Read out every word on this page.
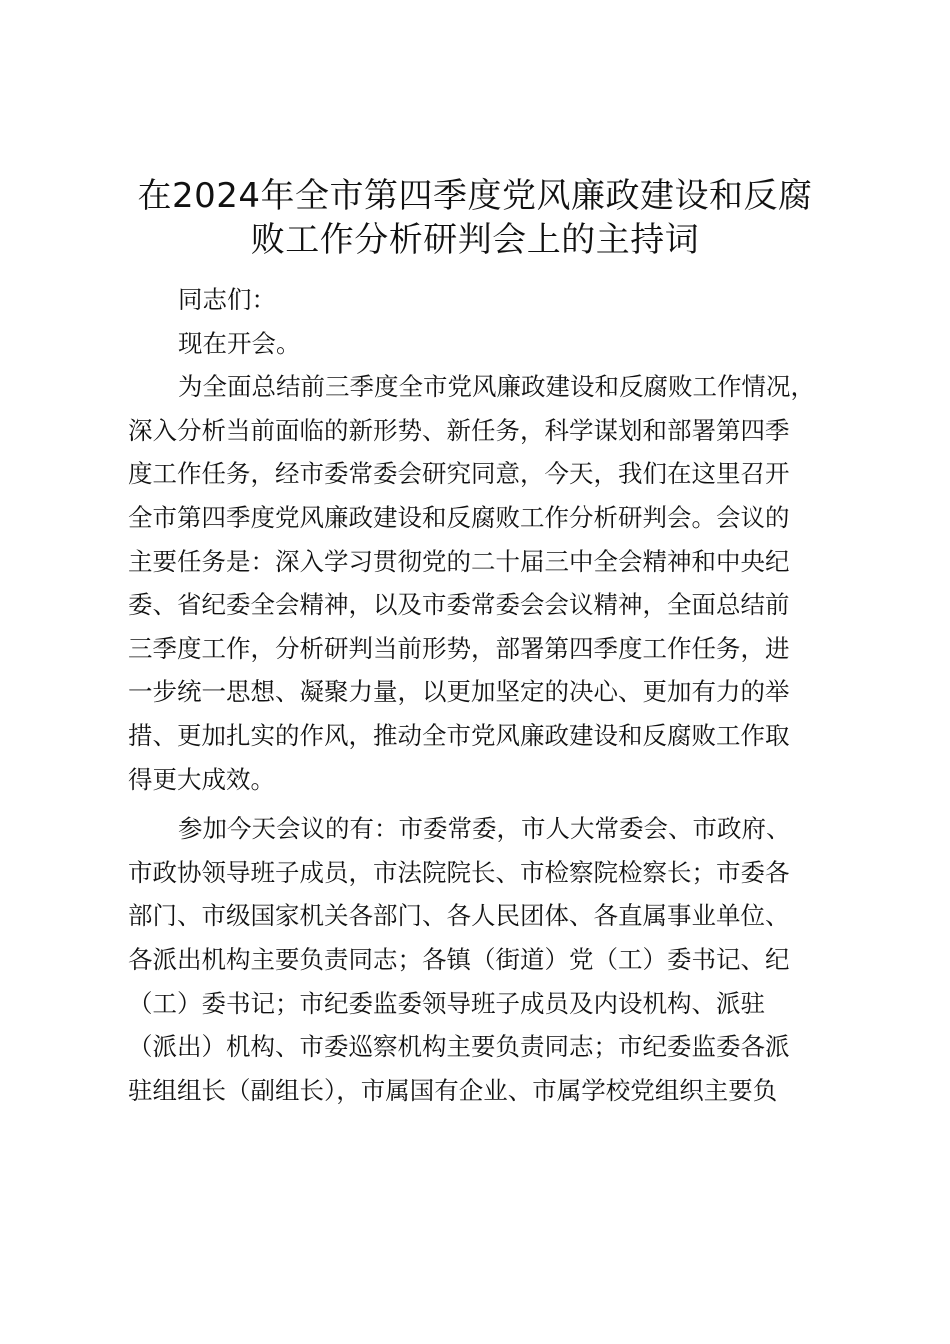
在2024年全市第四季度党风廉政建设和反腐
败工作分析研判会上的主持词
同志们：
现在开会。
为全面总结前三季度全市党风廉政建设和反腐败工作情况，
深入分析当前面临的新形势、新任务，科学谋划和部署第四季
度工作任务，经市委常委会研究同意，今天，我们在这里召开
全市第四季度党风廉政建设和反腐败工作分析研判会。会议的
主要任务是：深入学习贯彻党的二十届三中全会精神和中央纪
委、省纪委全会精神，以及市委常委会会议精神，全面总结前
三季度工作，分析研判当前形势，部署第四季度工作任务，进
一步统一思想、凝聚力量，以更加坚定的决心、更加有力的举
措、更加扎实的作风，推动全市党风廉政建设和反腐败工作取
得更大成效。
参加今天会议的有：市委常委，市人大常委会、市政府、
市政协领导班子成员，市法院院长、市检察院检察长；市委各
部门、市级国家机关各部门、各人民团体、各直属事业单位、
各派出机构主要负责同志；各镇（街道）党（工）委书记、纪
（工）委书记；市纪委监委领导班子成员及内设机构、派驻
（派出）机构、市委巡察机构主要负责同志；市纪委监委各派
驻组组长（副组长），市属国有企业、市属学校党组织主要负
